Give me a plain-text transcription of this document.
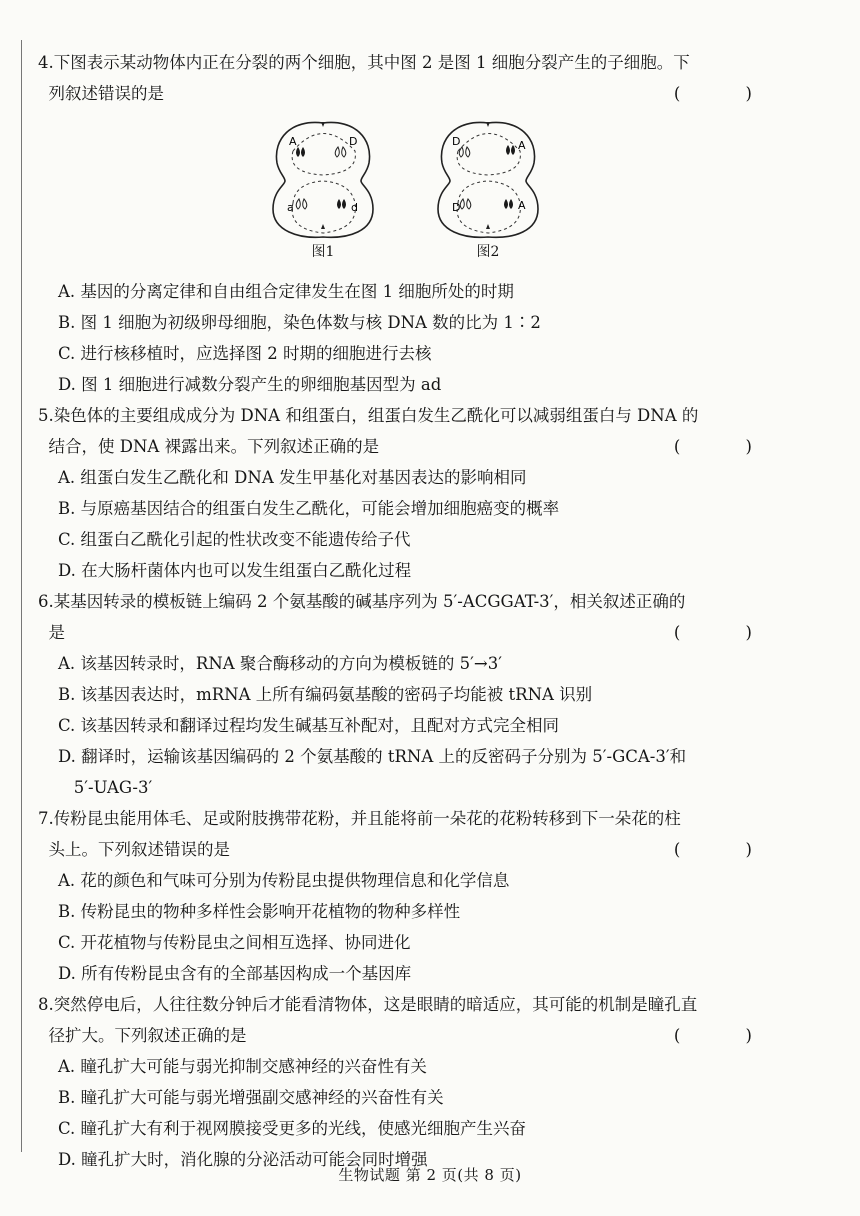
4.下图表示某动物体内正在分裂的两个细胞，其中图 2 是图 1 细胞分裂产生的子细胞。下
列叙述错误的是	( )
A	D
a	d
图1
D	A
D	A
图2

A. 基因的分离定律和自由组合定律发生在图 1 细胞所处的时期

B. 图 1 细胞为初级卵母细胞，染色体数与核 DNA 数的比为 1∶2

C. 进行核移植时，应选择图 2 时期的细胞进行去核

D. 图 1 细胞进行减数分裂产生的卵细胞基因型为 ad

5.染色体的主要组成成分为 DNA 和组蛋白，组蛋白发生乙酰化可以减弱组蛋白与 DNA 的
结合，使 DNA 裸露出来。下列叙述正确的是	( )

A. 组蛋白发生乙酰化和 DNA 发生甲基化对基因表达的影响相同

B. 与原癌基因结合的组蛋白发生乙酰化，可能会增加细胞癌变的概率

C. 组蛋白乙酰化引起的性状改变不能遗传给子代

D. 在大肠杆菌体内也可以发生组蛋白乙酰化过程

6.某基因转录的模板链上编码 2 个氨基酸的碱基序列为 5′-ACGGAT-3′，相关叙述正确的
是	( )

A. 该基因转录时，RNA 聚合酶移动的方向为模板链的 5′→3′

B. 该基因表达时，mRNA 上所有编码氨基酸的密码子均能被 tRNA 识别

C. 该基因转录和翻译过程均发生碱基互补配对，且配对方式完全相同

D. 翻译时，运输该基因编码的 2 个氨基酸的 tRNA 上的反密码子分别为 5′-GCA-3′和
5′-UAG-3′

7.传粉昆虫能用体毛、足或附肢携带花粉，并且能将前一朵花的花粉转移到下一朵花的柱
头上。下列叙述错误的是	( )

A. 花的颜色和气味可分别为传粉昆虫提供物理信息和化学信息

B. 传粉昆虫的物种多样性会影响开花植物的物种多样性

C. 开花植物与传粉昆虫之间相互选择、协同进化

D. 所有传粉昆虫含有的全部基因构成一个基因库

8.突然停电后，人往往数分钟后才能看清物体，这是眼睛的暗适应，其可能的机制是瞳孔直
径扩大。下列叙述正确的是	( )

A. 瞳孔扩大可能与弱光抑制交感神经的兴奋性有关

B. 瞳孔扩大可能与弱光增强副交感神经的兴奋性有关

C. 瞳孔扩大有利于视网膜接受更多的光线，使感光细胞产生兴奋

D. 瞳孔扩大时，消化腺的分泌活动可能会同时增强

生物试题 第 2 页(共 8 页)
